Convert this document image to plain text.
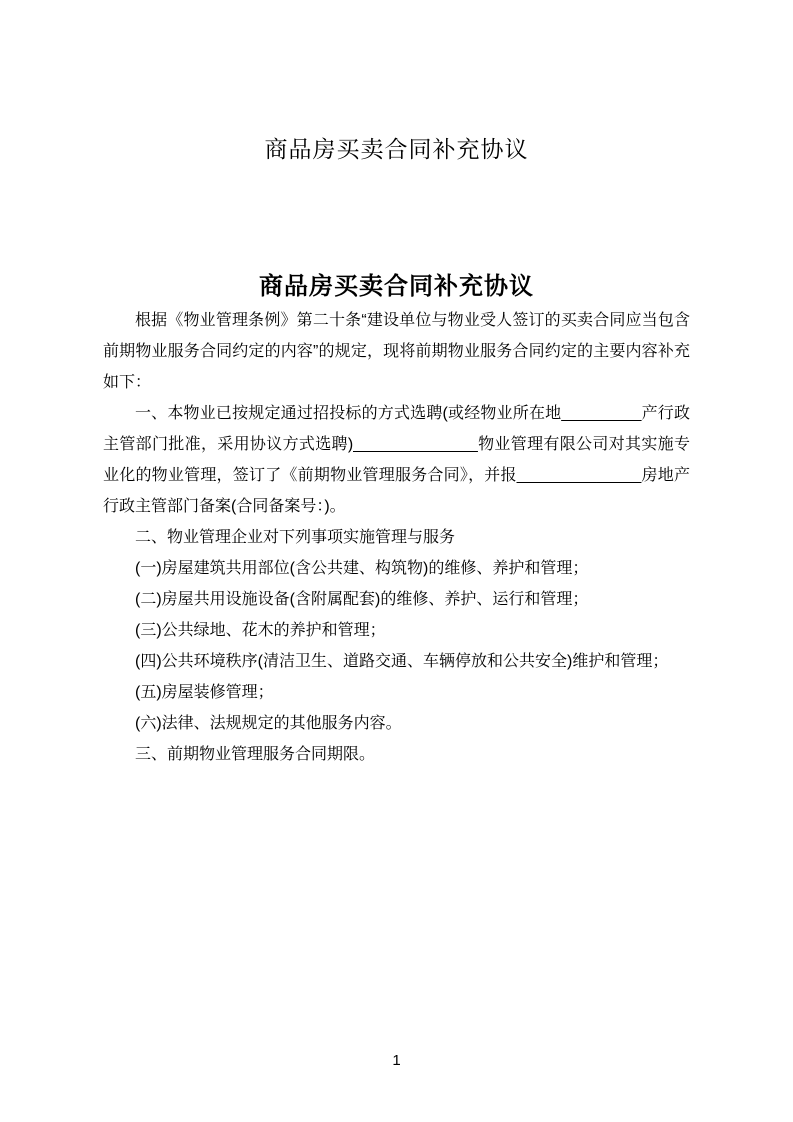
商品房买卖合同补充协议
商品房买卖合同补充协议

根据《物业管理条例》第二十条“建设单位与物业受人签订的买卖合同应当包含前期物业服务合同约定的内容”的规定，现将前期物业服务合同约定的主要内容补充如下：

一、本物业已按规定通过招投标的方式选聘(或经物业所在地_________产行政主管部门批准，采用协议方式选聘)______________物业管理有限公司对其实施专业化的物业管理，签订了《前期物业管理服务合同》，并报______________房地产行政主管部门备案(合同备案号：)。

二、物业管理企业对下列事项实施管理与服务

(一)房屋建筑共用部位(含公共建、构筑物)的维修、养护和管理；

(二)房屋共用设施设备(含附属配套)的维修、养护、运行和管理；

(三)公共绿地、花木的养护和管理；

(四)公共环境秩序(清洁卫生、道路交通、车辆停放和公共安全)维护和管理；

(五)房屋装修管理；

(六)法律、法规规定的其他服务内容。

三、前期物业管理服务合同期限。

1
